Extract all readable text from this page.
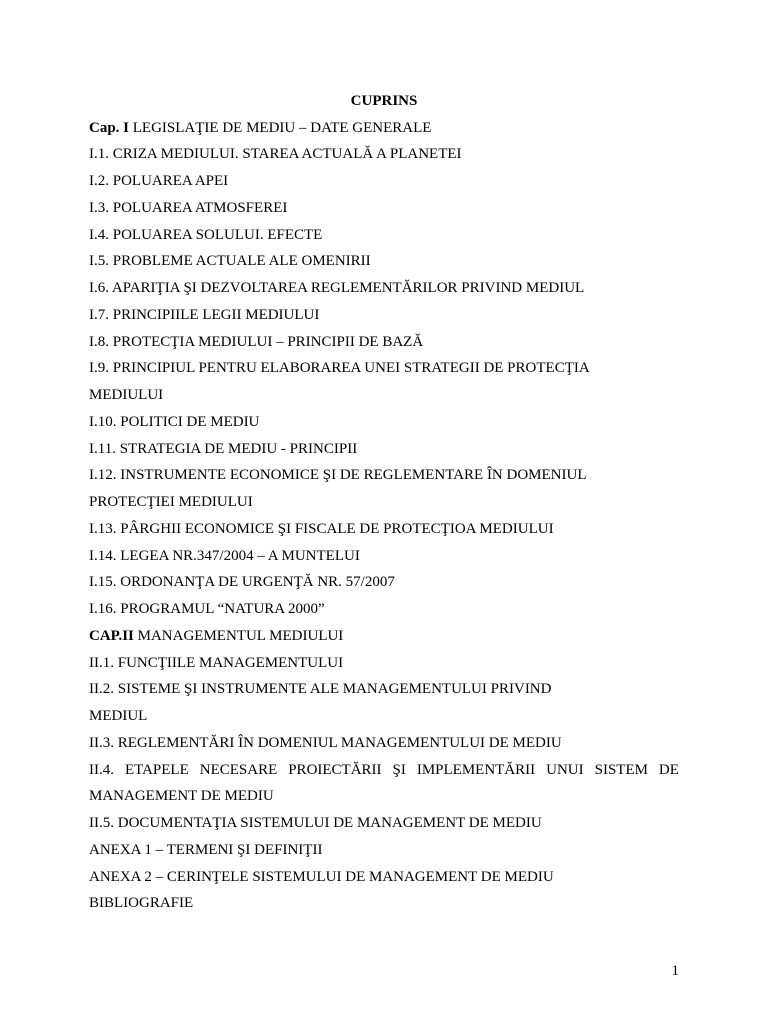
CUPRINS
Cap. I LEGISLAŢIE DE MEDIU – DATE GENERALE
I.1. CRIZA MEDIULUI. STAREA ACTUALĂ A PLANETEI
I.2. POLUAREA APEI
I.3. POLUAREA ATMOSFEREI
I.4. POLUAREA SOLULUI. EFECTE
I.5. PROBLEME ACTUALE ALE OMENIRII
I.6. APARIŢIA ŞI DEZVOLTAREA REGLEMENTĂRILOR PRIVIND MEDIUL
I.7. PRINCIPIILE LEGII MEDIULUI
I.8. PROTECŢIA MEDIULUI – PRINCIPII DE BAZĂ
I.9. PRINCIPIUL PENTRU ELABORAREA UNEI STRATEGII DE PROTECŢIA
MEDIULUI
I.10. POLITICI DE MEDIU
I.11. STRATEGIA DE MEDIU - PRINCIPII
I.12. INSTRUMENTE ECONOMICE ŞI DE REGLEMENTARE ÎN DOMENIUL
PROTECŢIEI MEDIULUI
I.13. PÂRGHII ECONOMICE ŞI FISCALE DE PROTECŢIOA MEDIULUI
I.14. LEGEA NR.347/2004 – A MUNTELUI
I.15. ORDONANŢA DE URGENŢĂ NR. 57/2007
I.16. PROGRAMUL “NATURA 2000”
CAP.II MANAGEMENTUL MEDIULUI
II.1. FUNCŢIILE MANAGEMENTULUI
II.2. SISTEME ŞI INSTRUMENTE ALE MANAGEMENTULUI PRIVIND
MEDIUL
II.3. REGLEMENTĂRI ÎN DOMENIUL MANAGEMENTULUI DE MEDIU
II.4. ETAPELE NECESARE PROIECTĂRII ŞI IMPLEMENTĂRII UNUI SISTEM DE
MANAGEMENT DE MEDIU
II.5. DOCUMENTAŢIA SISTEMULUI DE MANAGEMENT DE MEDIU
ANEXA 1 – TERMENI ŞI DEFINIŢII
ANEXA 2 – CERINŢELE SISTEMULUI DE MANAGEMENT DE MEDIU
BIBLIOGRAFIE
1
